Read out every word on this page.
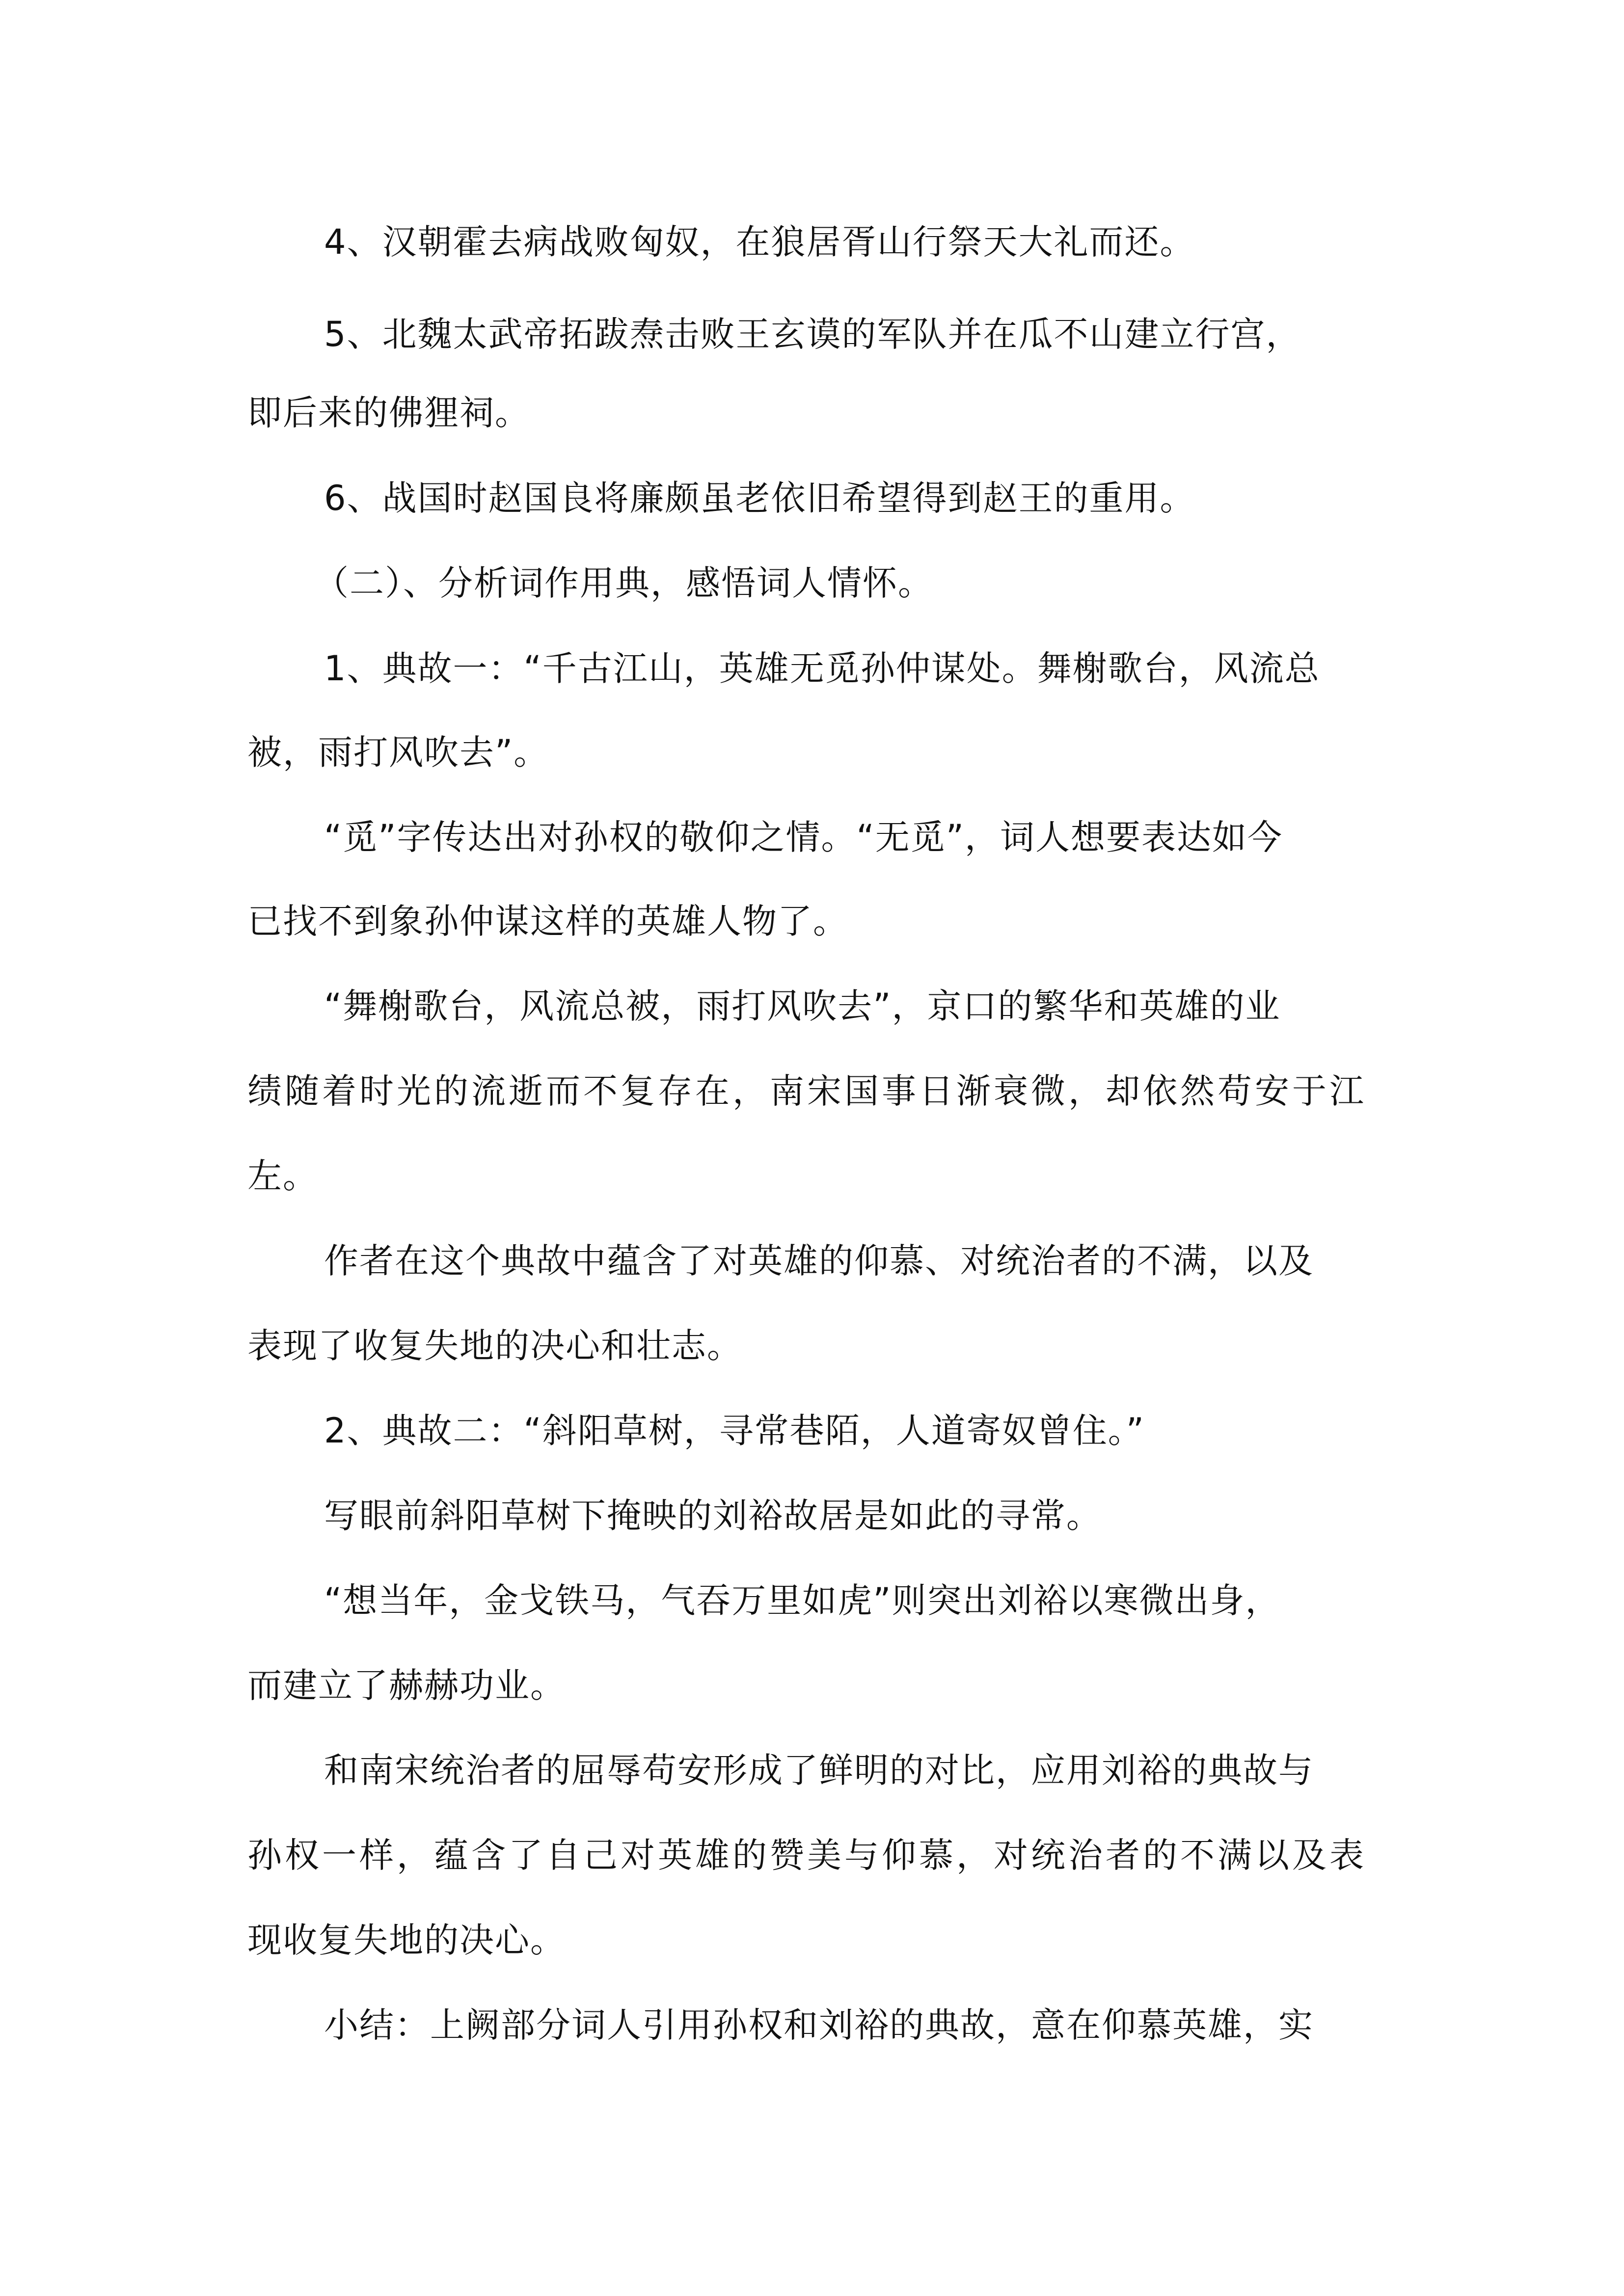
4、汉朝霍去病战败匈奴，在狼居胥山行祭天大礼而还。
5、北魏太武帝拓跋焘击败王玄谟的军队并在瓜不山建立行宫，
即后来的佛狸祠。
6、战国时赵国良将廉颇虽老依旧希望得到赵王的重用。
（二）、分析词作用典，感悟词人情怀。
1、典故一：“千古江山，英雄无觅孙仲谋处。舞榭歌台，风流总
被，雨打风吹去”。
“觅”字传达出对孙权的敬仰之情。“无觅”，词人想要表达如今
已找不到象孙仲谋这样的英雄人物了。
“舞榭歌台，风流总被，雨打风吹去”，京口的繁华和英雄的业
绩随着时光的流逝而不复存在，南宋国事日渐衰微，却依然苟安于江
左。
作者在这个典故中蕴含了对英雄的仰慕、对统治者的不满，以及
表现了收复失地的决心和壮志。
2、典故二：“斜阳草树，寻常巷陌，人道寄奴曾住。”
写眼前斜阳草树下掩映的刘裕故居是如此的寻常。
“想当年，金戈铁马，气吞万里如虎”则突出刘裕以寒微出身，
而建立了赫赫功业。
和南宋统治者的屈辱苟安形成了鲜明的对比，应用刘裕的典故与
孙权一样，蕴含了自己对英雄的赞美与仰慕，对统治者的不满以及表
现收复失地的决心。
小结：上阙部分词人引用孙权和刘裕的典故，意在仰慕英雄，实
